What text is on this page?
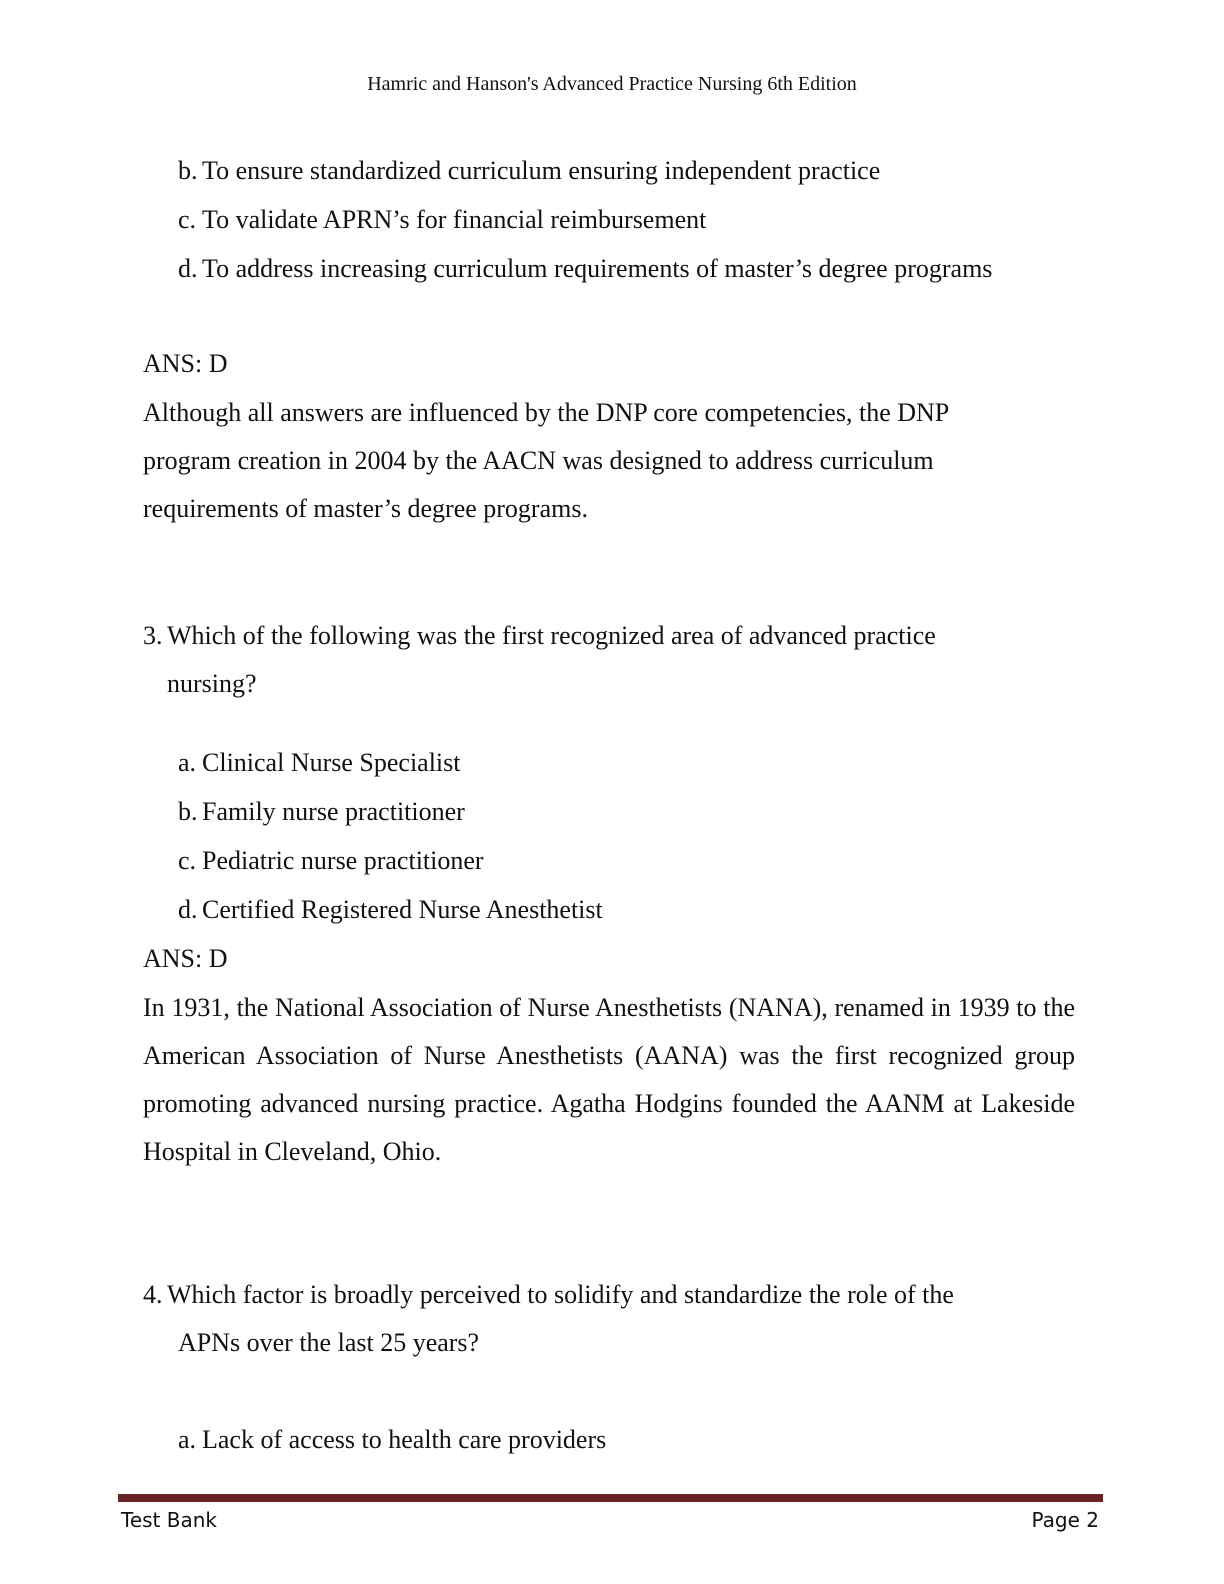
Hamric and Hanson's Advanced Practice Nursing 6th Edition
b. To ensure standardized curriculum ensuring independent practice
c. To validate APRN’s for financial reimbursement
d. To address increasing curriculum requirements of master’s degree programs
ANS: D
Although all answers are influenced by the DNP core competencies, the DNP
program creation in 2004 by the AACN was designed to address curriculum
requirements of master’s degree programs.
3. Which of the following was the first recognized area of advanced practice
nursing?
a. Clinical Nurse Specialist
b. Family nurse practitioner
c. Pediatric nurse practitioner
d. Certified Registered Nurse Anesthetist
ANS: D
In 1931, the National Association of Nurse Anesthetists (NANA), renamed in 1939 to the American Association of Nurse Anesthetists (AANA) was the first recognized group promoting advanced nursing practice. Agatha Hodgins founded the AANM at Lakeside Hospital in Cleveland, Ohio.
4. Which factor is broadly perceived to solidify and standardize the role of the
APNs over the last 25 years?
a. Lack of access to health care providers
Test Bank	Page 2
